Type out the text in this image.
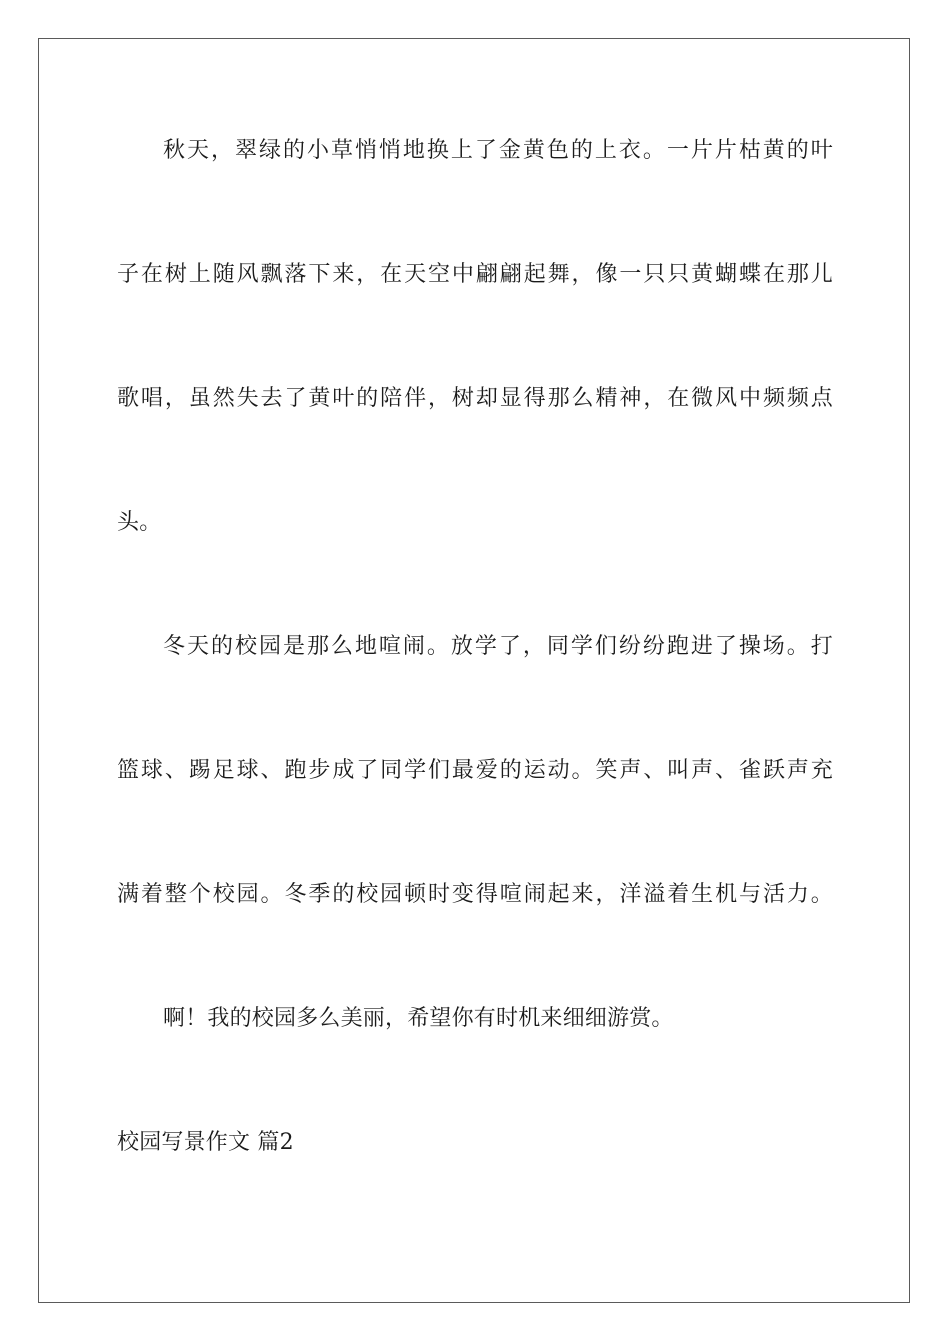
秋天，翠绿的小草悄悄地换上了金黄色的上衣。一片片枯黄的叶
子在树上随风飘落下来，在天空中翩翩起舞，像一只只黄蝴蝶在那儿
歌唱，虽然失去了黄叶的陪伴，树却显得那么精神，在微风中频频点
头。
冬天的校园是那么地喧闹。放学了，同学们纷纷跑进了操场。打
篮球、踢足球、跑步成了同学们最爱的运动。笑声、叫声、雀跃声充
满着整个校园。冬季的校园顿时变得喧闹起来，洋溢着生机与活力。
啊！我的校园多么美丽，希望你有时机来细细游赏。
校园写景作文 篇2
